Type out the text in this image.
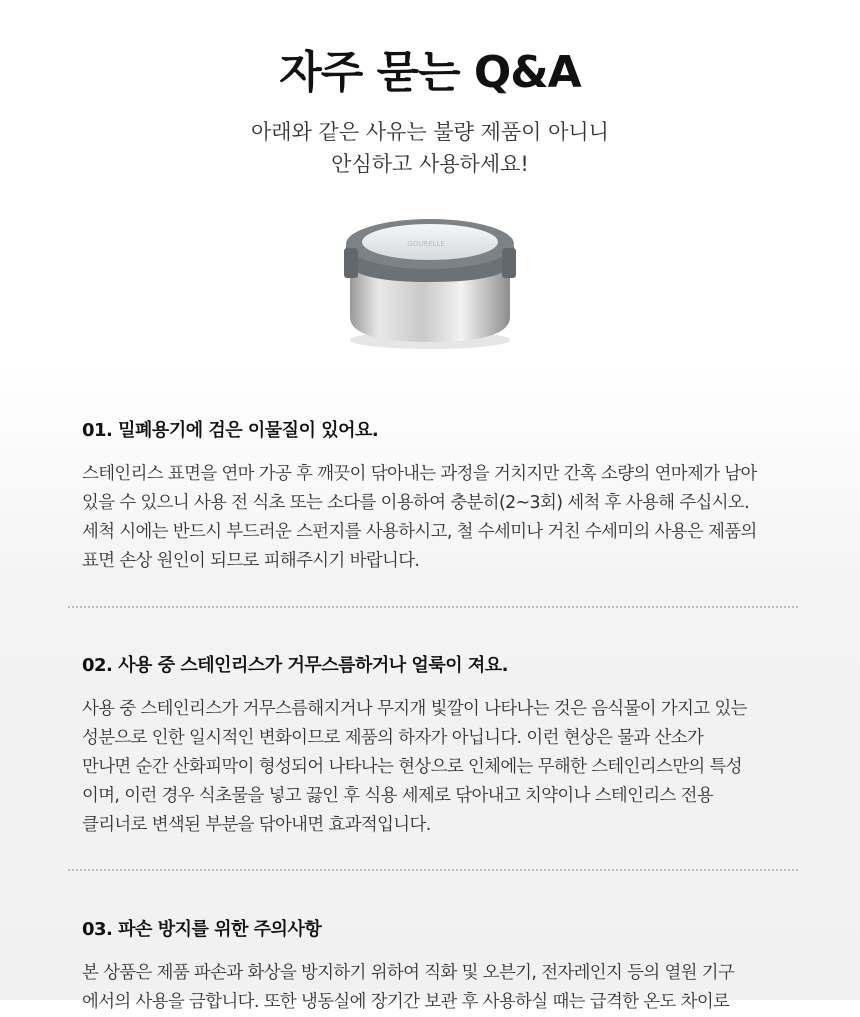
자주 묻는 Q&A
아래와 같은 사유는 불량 제품이 아니니
안심하고 사용하세요!
GOURELLE
01. 밀폐용기에 검은 이물질이 있어요.

스테인리스 표면을 연마 가공 후 깨끗이 닦아내는 과정을 거치지만 간혹 소량의 연마제가 남아
있을 수 있으니 사용 전 식초 또는 소다를 이용하여 충분히(2~3회) 세척 후 사용해 주십시오.
세척 시에는 반드시 부드러운 스펀지를 사용하시고, 철 수세미나 거친 수세미의 사용은 제품의
표면 손상 원인이 되므로 피해주시기 바랍니다.

02. 사용 중 스테인리스가 거무스름하거나 얼룩이 져요.

사용 중 스테인리스가 거무스름해지거나 무지개 빛깔이 나타나는 것은 음식물이 가지고 있는
성분으로 인한 일시적인 변화이므로 제품의 하자가 아닙니다. 이런 현상은 물과 산소가
만나면 순간 산화피막이 형성되어 나타나는 현상으로 인체에는 무해한 스테인리스만의 특성
이며, 이런 경우 식초물을 넣고 끓인 후 식용 세제로 닦아내고 치약이나 스테인리스 전용
클리너로 변색된 부분을 닦아내면 효과적입니다.

03. 파손 방지를 위한 주의사항

본 상품은 제품 파손과 화상을 방지하기 위하여 직화 및 오븐기, 전자레인지 등의 열원 기구
에서의 사용을 금합니다. 또한 냉동실에 장기간 보관 후 사용하실 때는 급격한 온도 차이로
